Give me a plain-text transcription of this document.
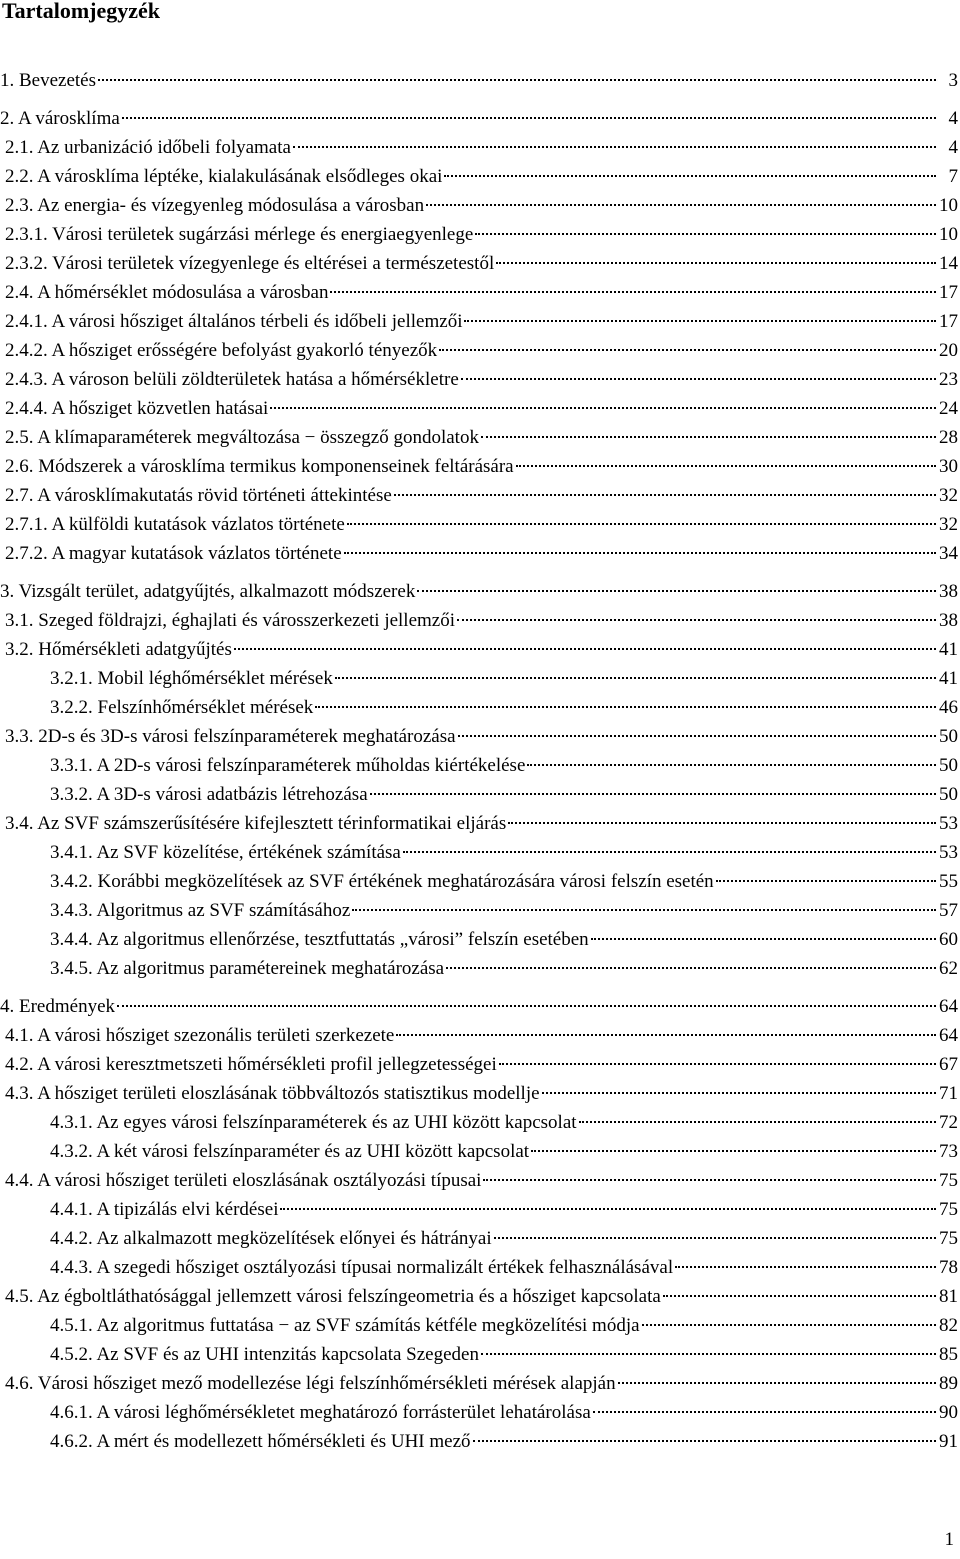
Tartalomjegyzék
1. Bevezetés	3
2. A városklíma	4
2.1. Az urbanizáció időbeli folyamata	4
2.2. A városklíma léptéke, kialakulásának elsődleges okai	7
2.3. Az energia- és vízegyenleg módosulása a városban	10
2.3.1. Városi területek sugárzási mérlege és energiaegyenlege	10
2.3.2. Városi területek vízegyenlege és eltérései a természetestől	14
2.4. A hőmérséklet módosulása a városban	17
2.4.1. A városi hősziget általános térbeli és időbeli jellemzői	17
2.4.2. A hősziget erősségére befolyást gyakorló tényezők	20
2.4.3. A városon belüli zöldterületek hatása a hőmérsékletre	23
2.4.4. A hősziget közvetlen hatásai	24
2.5. A klímaparaméterek megváltozása − összegző gondolatok	28
2.6. Módszerek a városklíma termikus komponenseinek feltárására	30
2.7. A városklímakutatás rövid történeti áttekintése	32
2.7.1. A külföldi kutatások vázlatos története	32
2.7.2. A magyar kutatások vázlatos története	34
3. Vizsgált terület, adatgyűjtés, alkalmazott módszerek	38
3.1. Szeged földrajzi, éghajlati és városszerkezeti jellemzői	38
3.2. Hőmérsékleti adatgyűjtés	41
3.2.1. Mobil léghőmérséklet mérések	41
3.2.2. Felszínhőmérséklet mérések	46
3.3. 2D-s és 3D-s városi felszínparaméterek meghatározása	50
3.3.1. A 2D-s városi felszínparaméterek műholdas kiértékelése	50
3.3.2. A 3D-s városi adatbázis létrehozása	50
3.4. Az SVF számszerűsítésére kifejlesztett térinformatikai eljárás	53
3.4.1. Az SVF közelítése, értékének számítása	53
3.4.2. Korábbi megközelítések az SVF értékének meghatározására városi felszín esetén	55
3.4.3. Algoritmus az SVF számításához	57
3.4.4. Az algoritmus ellenőrzése, tesztfuttatás „városi” felszín esetében	60
3.4.5. Az algoritmus paramétereinek meghatározása	62
4. Eredmények	64
4.1. A városi hősziget szezonális területi szerkezete	64
4.2. A városi keresztmetszeti hőmérsékleti profil jellegzetességei	67
4.3. A hősziget területi eloszlásának többváltozós statisztikus modellje	71
4.3.1. Az egyes városi felszínparaméterek és az UHI között kapcsolat	72
4.3.2. A két városi felszínparaméter és az UHI között kapcsolat	73
4.4. A városi hősziget területi eloszlásának osztályozási típusai	75
4.4.1. A tipizálás elvi kérdései	75
4.4.2. Az alkalmazott megközelítések előnyei és hátrányai	75
4.4.3. A szegedi hősziget osztályozási típusai normalizált értékek felhasználásával	78
4.5. Az égboltláthatósággal jellemzett városi felszíngeometria és a hősziget kapcsolata	81
4.5.1. Az algoritmus futtatása − az SVF számítás kétféle megközelítési módja	82
4.5.2. Az SVF és az UHI intenzitás kapcsolata Szegeden	85
4.6. Városi hősziget mező modellezése légi felszínhőmérsékleti mérések alapján	89
4.6.1. A városi léghőmérsékletet meghatározó forrásterület lehatárolása	90
4.6.2. A mért és modellezett hőmérsékleti és UHI mező	91
1
